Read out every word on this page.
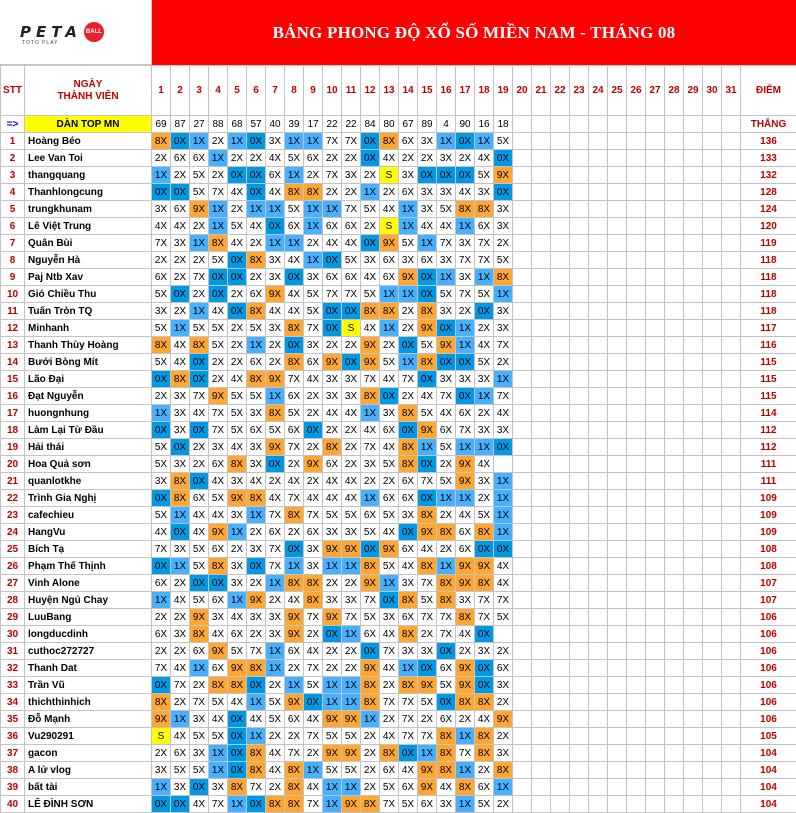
PETA BALL
TOTO PLAY
BẢNG PHONG ĐỘ XỔ SỐ MIỀN NAM - THÁNG 08
STT	NGÀY
THÀNH VIÊN	1	2	3	4	5	6	7	8	9	10	11	12	13	14	15	16	17	18	19	20	21	22	23	24	25	26	27	28	29	30	31	ĐIỂM
=>	DÀN TOP MN	69	87	27	88	68	57	40	39	17	22	22	84	80	67	89	4	90	16	18													THẮNG
1	Hoàng Béo	8X	0X	1X	2X	1X	0X	3X	1X	1X	7X	7X	0X	8X	6X	3X	1X	0X	1X	5X													136
2	Lee Van Toi	2X	6X	6X	1X	2X	2X	4X	5X	6X	2X	2X	0X	4X	2X	2X	3X	2X	4X	0X													133
3	thangquang	1X	2X	5X	2X	0X	0X	6X	1X	2X	7X	3X	2X	S	3X	0X	0X	0X	5X	9X													132
4	Thanhlongcung	0X	0X	5X	7X	4X	0X	4X	8X	8X	2X	2X	1X	2X	6X	3X	3X	4X	3X	0X													128
5	trungkhunam	3X	6X	9X	1X	2X	1X	1X	5X	1X	1X	7X	5X	4X	1X	3X	5X	8X	8X	3X													124
6	Lê Việt Trung	4X	4X	2X	1X	5X	4X	0X	6X	1X	6X	6X	2X	S	1X	4X	4X	1X	6X	3X													120
7	Quân Bùi	7X	3X	1X	8X	4X	2X	1X	1X	2X	4X	4X	0X	9X	5X	1X	7X	3X	7X	2X													119
8	Nguyễn Hà	2X	2X	2X	5X	0X	8X	3X	4X	1X	0X	5X	3X	6X	3X	6X	3X	7X	7X	5X													118
9	Paj Ntb Xav	6X	2X	7X	0X	0X	2X	3X	0X	3X	6X	6X	4X	6X	9X	0X	1X	3X	1X	8X													118
10	Gió Chiều Thu	5X	0X	2X	0X	2X	6X	9X	4X	5X	7X	7X	5X	1X	1X	0X	5X	7X	5X	1X													118
11	Tuấn Tròn TQ	3X	2X	1X	4X	0X	8X	4X	4X	5X	0X	0X	8X	8X	2X	8X	3X	2X	0X	3X													118
12	Minhanh	5X	1X	5X	5X	2X	5X	3X	8X	7X	0X	S	4X	1X	2X	9X	0X	1X	2X	3X													117
13	Thanh Thùy Hoàng	8X	4X	8X	5X	2X	1X	2X	0X	3X	2X	2X	9X	2X	0X	5X	9X	1X	4X	7X													116
14	Bưởi Bòng Mít	5X	4X	0X	2X	2X	6X	2X	8X	6X	9X	0X	9X	5X	1X	8X	0X	0X	5X	2X													115
15	Lão Đại	0X	8X	0X	2X	4X	8X	9X	7X	4X	3X	3X	7X	4X	7X	0X	3X	3X	3X	1X													115
16	Đạt Nguyễn	2X	3X	7X	9X	5X	5X	1X	6X	2X	3X	3X	8X	0X	2X	4X	7X	0X	1X	7X													115
17	huongnhung	1X	3X	4X	7X	5X	3X	8X	5X	2X	4X	4X	1X	3X	8X	5X	4X	6X	2X	4X													114
18	Làm Lại Từ Đầu	0X	3X	0X	7X	5X	6X	5X	6X	0X	2X	2X	4X	6X	0X	9X	6X	7X	3X	3X													112
19	Hải thái	5X	0X	2X	3X	4X	3X	9X	7X	2X	8X	2X	7X	4X	8X	1X	5X	1X	1X	0X													112
20	Hoa Quả sơn	5X	3X	2X	6X	8X	3X	0X	2X	9X	6X	2X	3X	5X	8X	0X	2X	9X	4X														111
21	quanlotkhe	3X	8X	0X	4X	3X	4X	2X	4X	2X	4X	4X	2X	2X	6X	7X	5X	9X	3X	1X													111
22	Trình Gia Nghị	0X	8X	6X	5X	9X	8X	4X	7X	4X	4X	4X	1X	6X	6X	0X	1X	1X	2X	1X													109
23	cafechieu	5X	1X	4X	4X	3X	1X	7X	8X	7X	5X	5X	6X	5X	3X	8X	2X	4X	5X	1X													109
24	HangVu	4X	0X	4X	9X	1X	2X	6X	2X	6X	3X	3X	5X	4X	0X	9X	8X	6X	8X	1X													109
25	Bích Tạ	7X	3X	5X	6X	2X	3X	7X	0X	3X	9X	9X	0X	9X	6X	4X	2X	6X	0X	0X													108
26	Phạm Thế Thịnh	0X	1X	5X	8X	3X	0X	7X	1X	3X	1X	1X	8X	5X	4X	8X	1X	9X	9X	4X													108
27	Vinh Alone	6X	2X	0X	0X	3X	2X	1X	8X	8X	2X	2X	9X	1X	3X	7X	8X	9X	8X	4X													107
28	Huyện Ngủ Chay	1X	4X	5X	6X	1X	9X	2X	4X	8X	3X	3X	7X	0X	8X	5X	8X	3X	7X	7X													107
29	LuuBang	2X	2X	9X	3X	4X	3X	3X	9X	7X	9X	7X	5X	3X	6X	7X	7X	8X	7X	5X													106
30	longducdinh	6X	3X	8X	4X	6X	2X	3X	9X	2X	0X	1X	6X	4X	8X	2X	7X	4X	0X														106
31	cuthoc272727	2X	2X	6X	9X	5X	7X	1X	6X	4X	2X	2X	0X	7X	3X	3X	0X	2X	3X	2X													106
32	Thanh Dat	7X	4X	1X	6X	9X	8X	1X	2X	7X	2X	2X	9X	4X	1X	0X	6X	9X	0X	6X													106
33	Trần Vũ	0X	7X	2X	8X	8X	0X	2X	1X	5X	1X	1X	8X	2X	8X	9X	5X	9X	0X	3X													106
34	thichthinhich	8X	2X	7X	5X	4X	1X	5X	9X	0X	1X	1X	8X	7X	7X	5X	0X	8X	8X	2X													106
35	Đỗ Mạnh	9X	1X	3X	4X	0X	4X	5X	6X	4X	9X	9X	1X	2X	7X	2X	6X	2X	4X	9X													106
36	Vu290291	S	4X	5X	5X	0X	1X	2X	2X	7X	5X	5X	2X	4X	7X	7X	8X	1X	8X	2X													105
37	gacon	2X	6X	3X	1X	0X	8X	4X	7X	2X	9X	9X	2X	8X	0X	1X	8X	7X	8X	3X													104
38	A lử vlog	3X	5X	5X	1X	0X	8X	4X	8X	1X	5X	5X	2X	6X	4X	9X	8X	1X	2X	8X													104
39	bất tài	1X	3X	0X	3X	8X	7X	2X	8X	4X	1X	1X	2X	5X	6X	9X	4X	8X	6X	1X													104
40	LÊ ĐÌNH SƠN	0X	0X	4X	7X	1X	0X	8X	8X	7X	1X	9X	8X	7X	5X	6X	3X	1X	5X	2X													104
